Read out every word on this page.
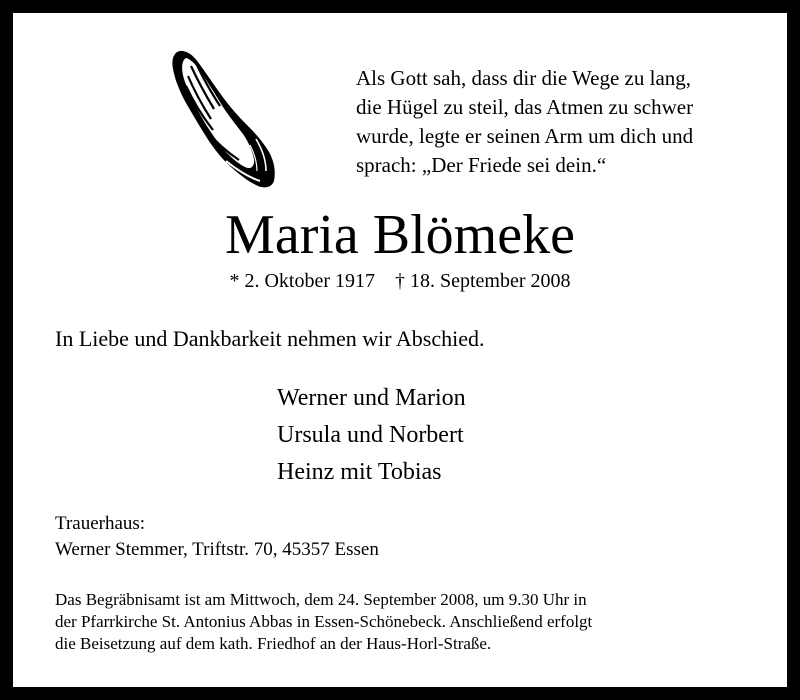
Als Gott sah, dass dir die Wege zu lang,
die Hügel zu steil, das Atmen zu schwer
wurde, legte er seinen Arm um dich und
sprach: „Der Friede sei dein.“
Maria Blömeke
* 2. Oktober 1917 † 18. September 2008
In Liebe und Dankbarkeit nehmen wir Abschied.
Werner und Marion
Ursula und Norbert
Heinz mit Tobias
Trauerhaus:
Werner Stemmer, Triftstr. 70, 45357 Essen
Das Begräbnisamt ist am Mittwoch, dem 24. September 2008, um 9.30 Uhr in
der Pfarrkirche St. Antonius Abbas in Essen-Schönebeck. Anschließend erfolgt
die Beisetzung auf dem kath. Friedhof an der Haus-Horl-Straße.
